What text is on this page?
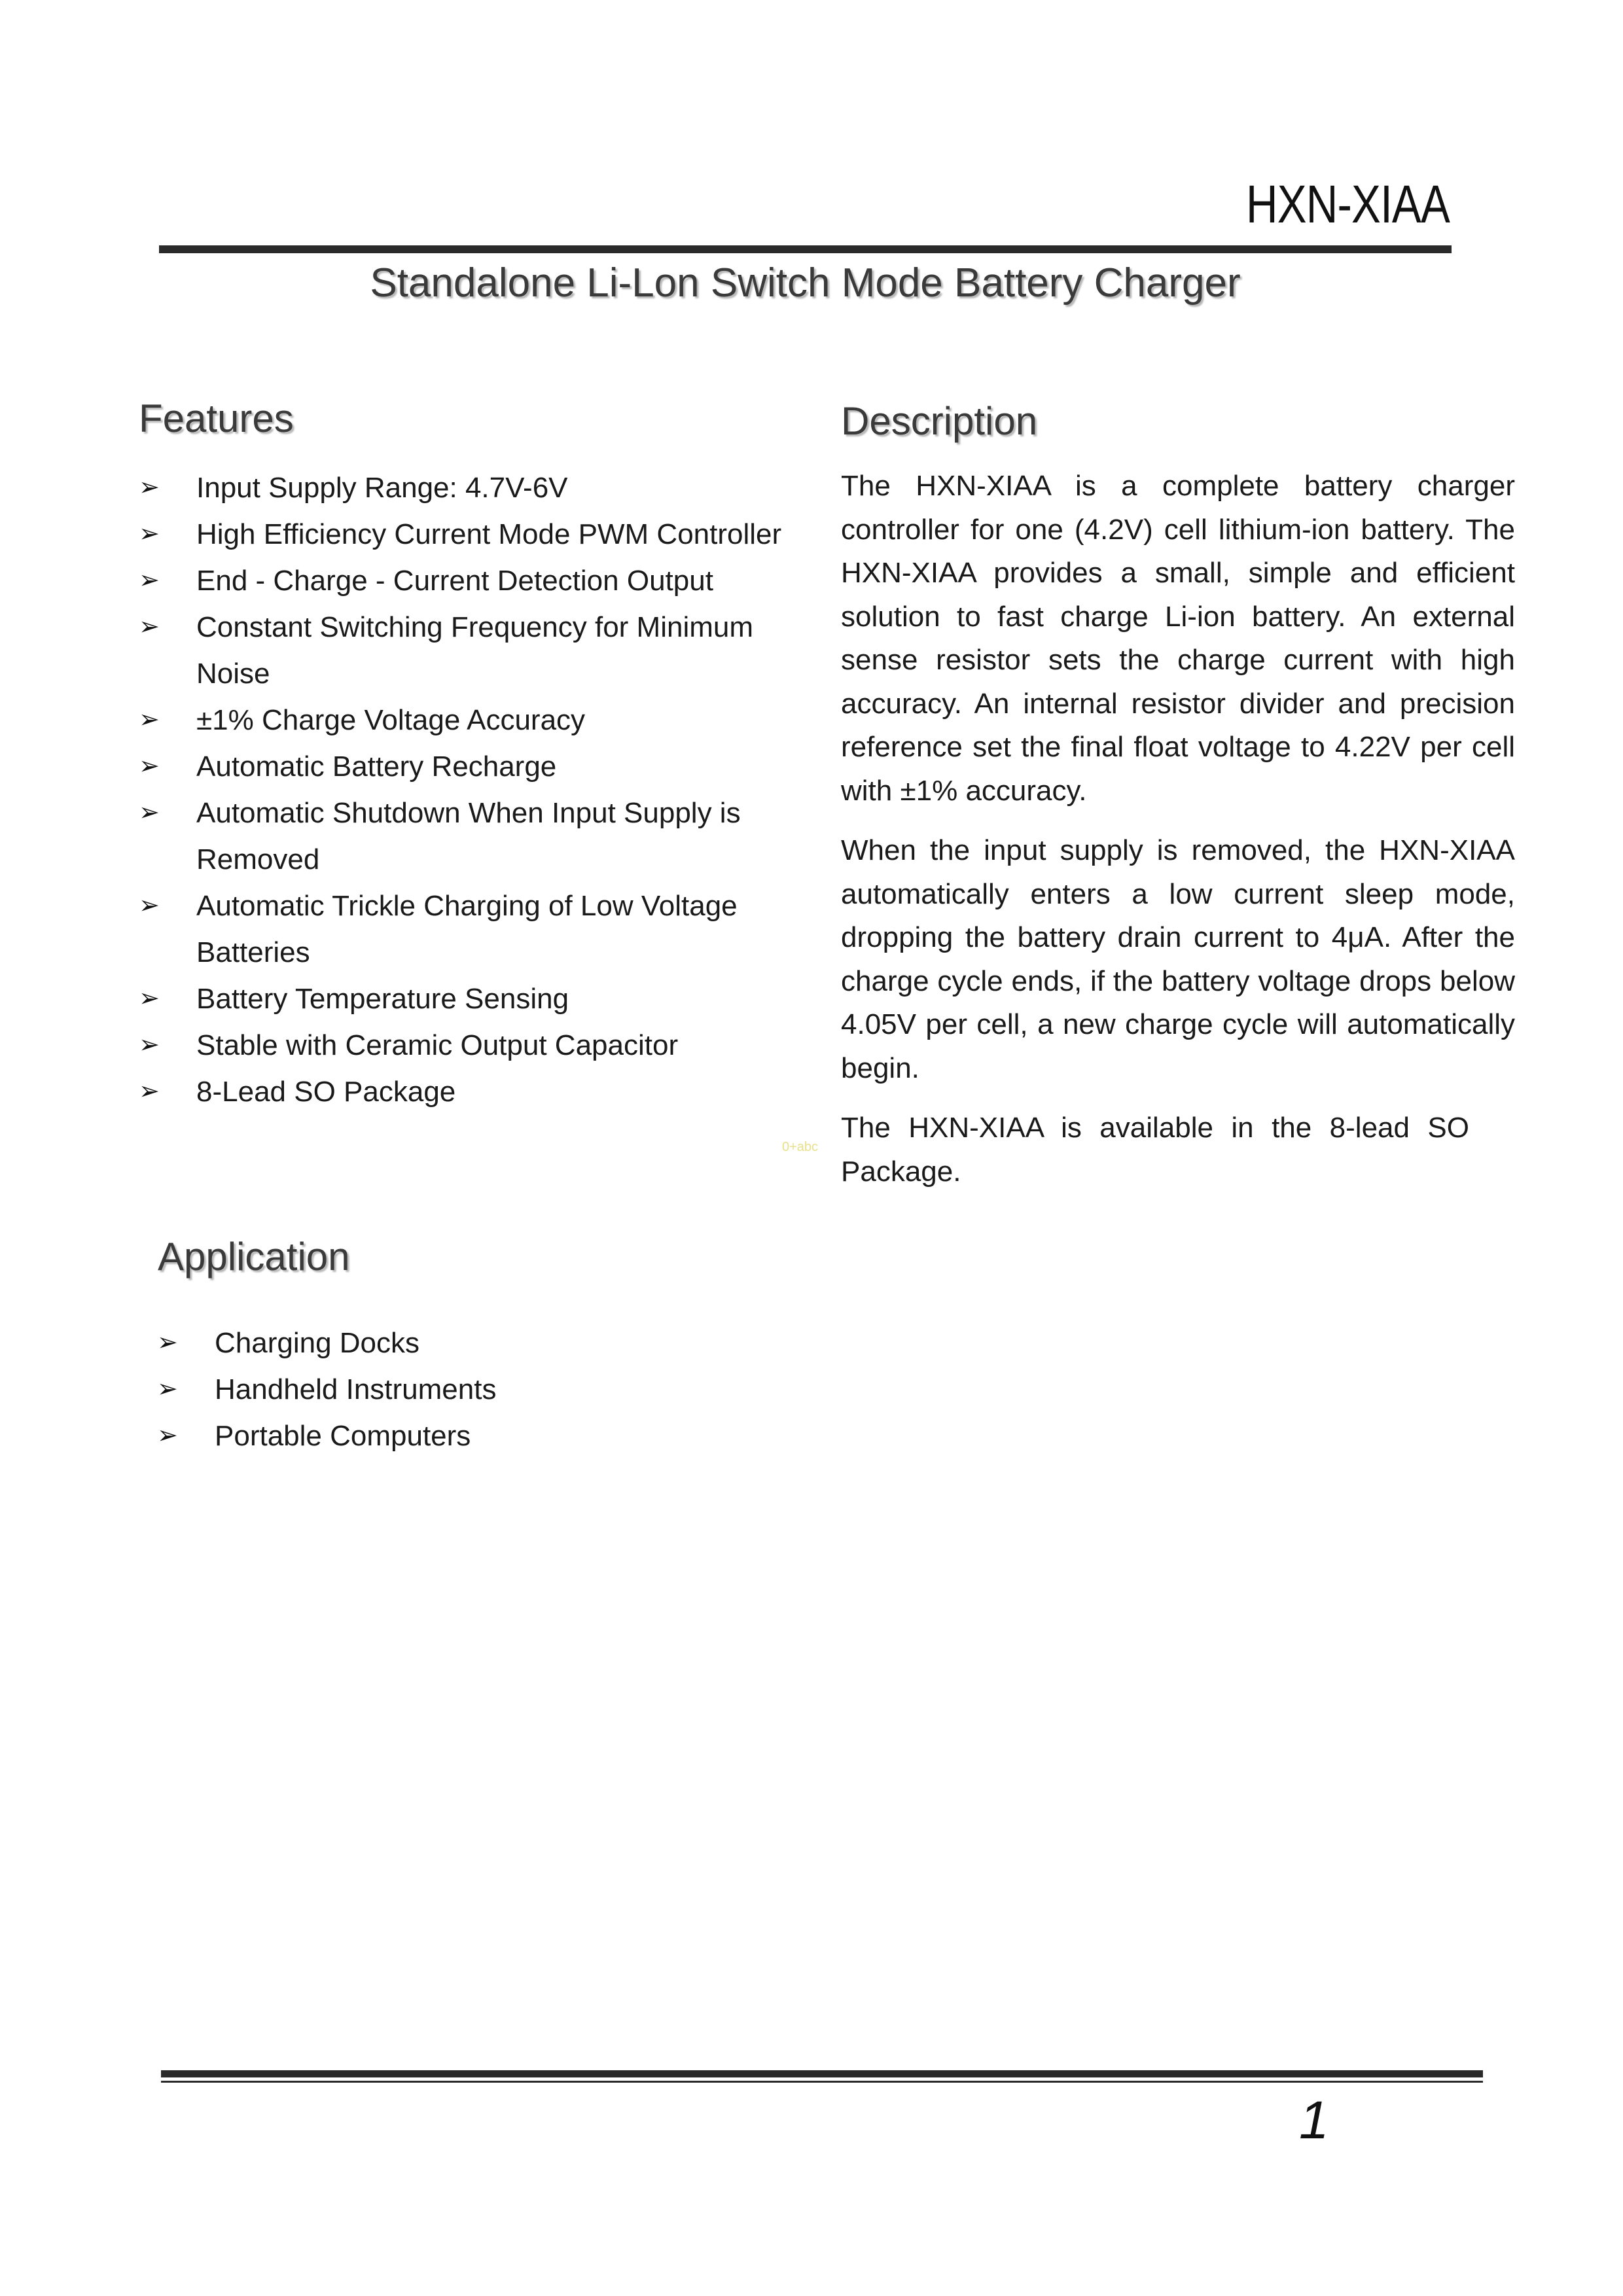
HXN-XIAA
Standalone Li-Lon Switch Mode Battery Charger
Features
➢ Input Supply Range: 4.7V-6V
➢ High Efficiency Current Mode PWM Controller
➢ End - Charge - Current Detection Output
➢ Constant Switching Frequency for Minimum Noise
➢ ±1% Charge Voltage Accuracy
➢ Automatic Battery Recharge
➢ Automatic Shutdown When Input Supply is Removed
➢ Automatic Trickle Charging of Low Voltage Batteries
➢ Battery Temperature Sensing
➢ Stable with Ceramic Output Capacitor
➢ 8-Lead SO Package
Description

The HXN-XIAA is a complete battery charger controller for one (4.2V) cell lithium-ion battery. The HXN-XIAA provides a small, simple and efficient solution to fast charge Li-ion battery. An external sense resistor sets the charge current with high accuracy. An internal resistor divider and precision reference set the final float voltage to 4.22V per cell with ±1% accuracy.

When the input supply is removed, the HXN-XIAA automatically enters a low current sleep mode, dropping the battery drain current to 4μA. After the charge cycle ends, if the battery voltage drops below 4.05V per cell, a new charge cycle will automatically begin.

The HXN-XIAA is available in the 8-lead SO Package.

0+abc
Application
➢ Charging Docks
➢ Handheld Instruments
➢ Portable Computers
1
